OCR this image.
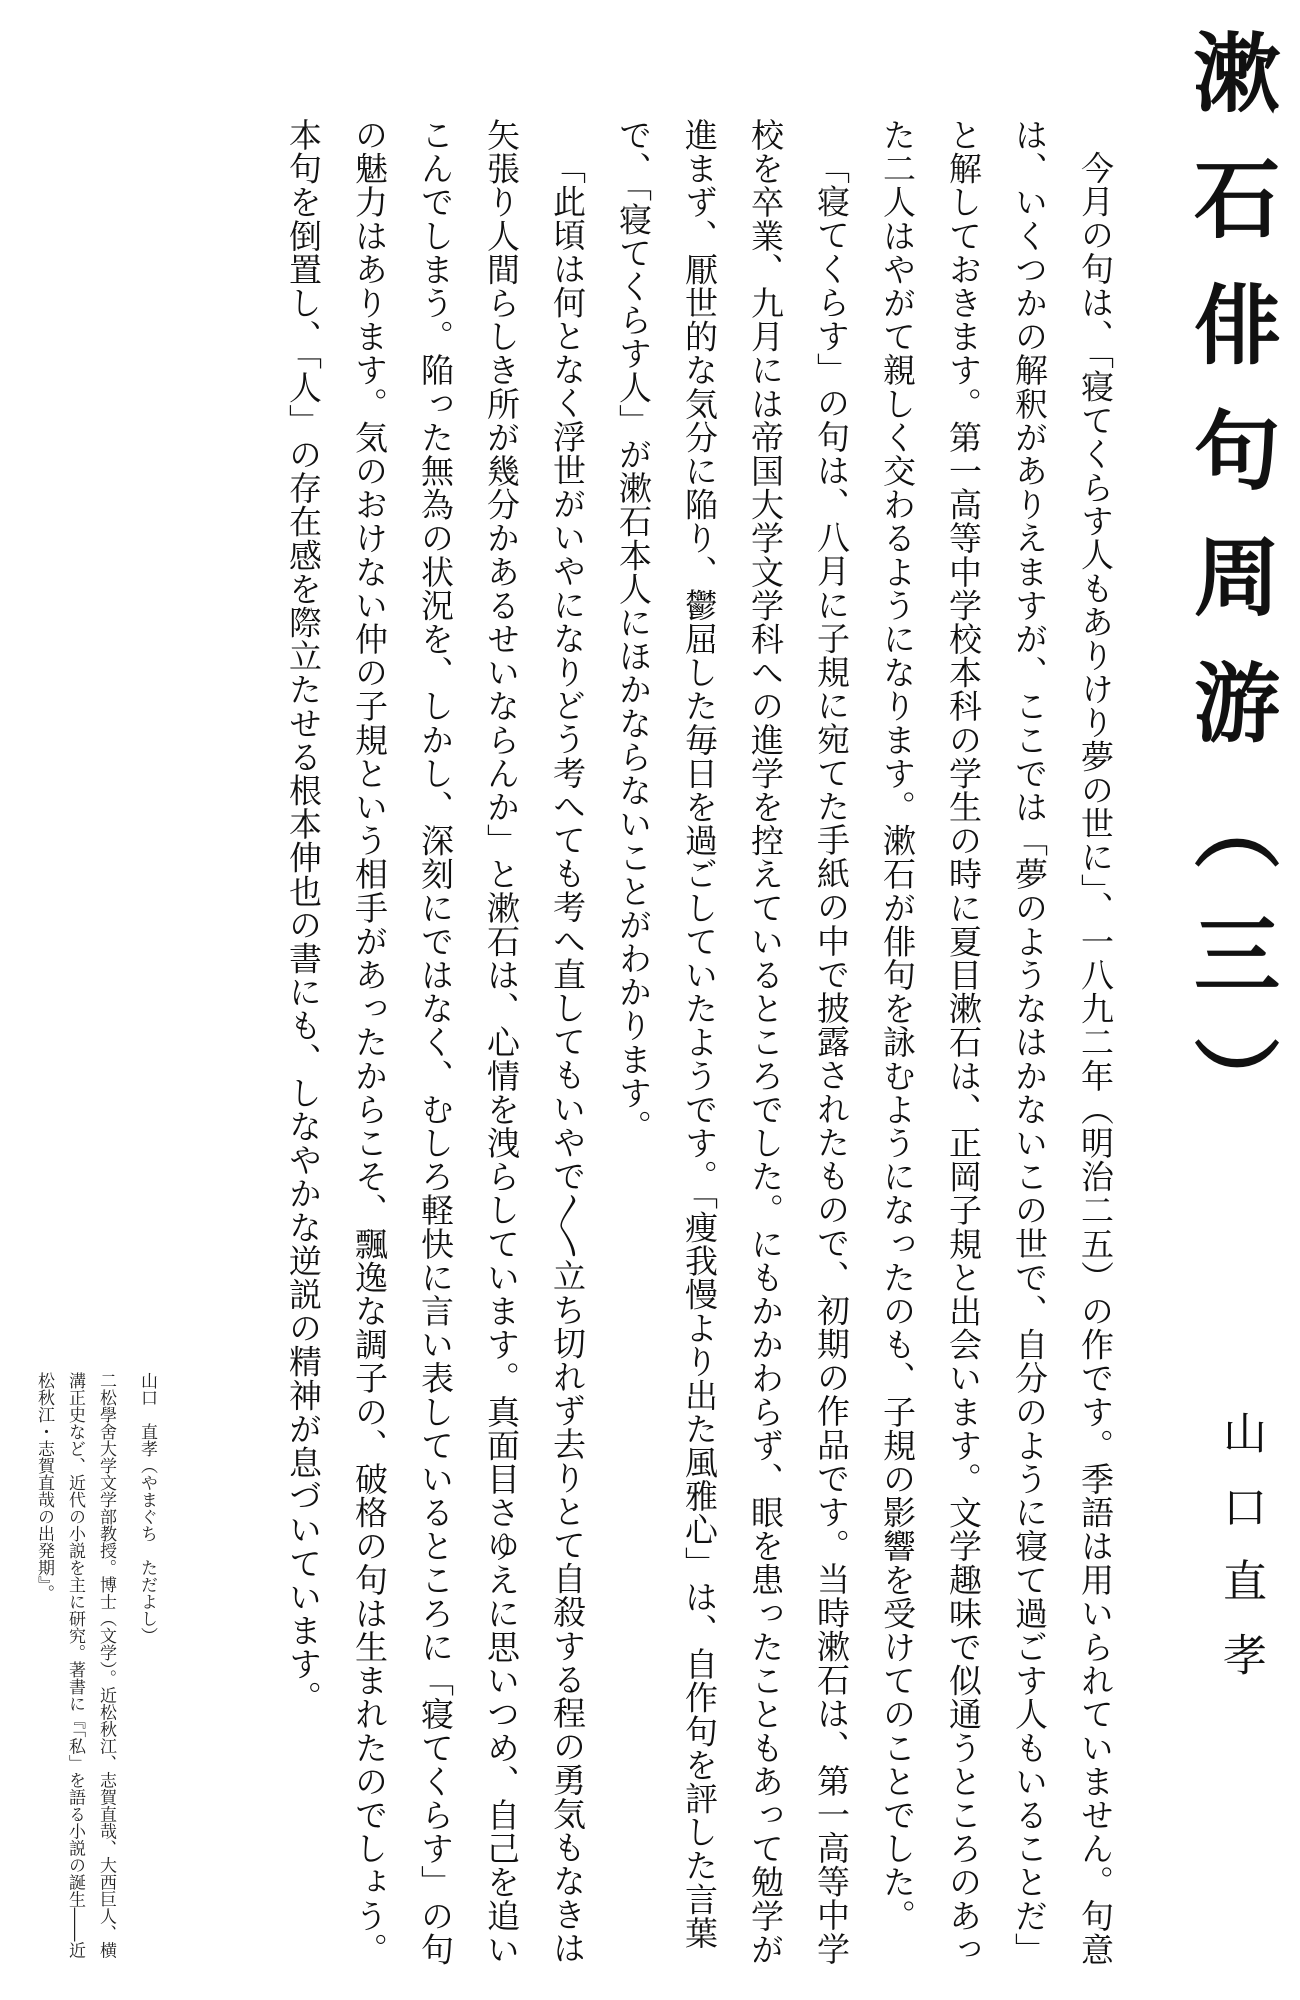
漱石俳句周游（三）
山口直孝

今月の句は、「寝てくらす人もありけり夢の世に」、一八九二年（明治二五）の作です。季語は用いられていません。句意は、いくつかの解釈がありえますが、ここでは「夢のようなはかないこの世で、自分のように寝て過ごす人もいることだ」と解しておきます。第一高等中学校本科の学生の時に夏目漱石は、正岡子規と出会います。文学趣味で似通うところのあった二人はやがて親しく交わるようになります。漱石が俳句を詠むようになったのも、子規の影響を受けてのことでした。

「寝てくらす」の句は、八月に子規に宛てた手紙の中で披露されたもので、初期の作品です。当時漱石は、第一高等中学校を卒業、九月には帝国大学文学科への進学を控えているところでした。にもかかわらず、眼を患ったこともあって勉学が進まず、厭世的な気分に陥り、鬱屈した毎日を過ごしていたようです。「痩我慢より出た風雅心」は、自作句を評した言葉で、「寝てくらす人」が漱石本人にほかならないことがわかります。

「此頃は何となく浮世がいやになりどう考へても考へ直してもいやで〳〵立ち切れず去りとて自殺する程の勇気もなきは矢張り人間らしき所が幾分かあるせいならんか」と漱石は、心情を洩らしています。真面目さゆえに思いつめ、自己を追いこんでしまう。陥った無為の状況を、しかし、深刻にではなく、むしろ軽快に言い表しているところに「寝てくらす」の句の魅力はあります。気のおけない仲の子規という相手があったからこそ、飄逸な調子の、破格の句は生まれたのでしょう。本句を倒置し、「人」の存在感を際立たせる根本伸也の書にも、しなやかな逆説の精神が息づいています。

山口　直孝（やまぐち　ただよし）

二松學舍大学文学部教授。博士（文学）。近松秋江、志賀直哉、大西巨人、横溝正史など、近代の小説を主に研究。著書に『「私」を語る小説の誕生――近松秋江・志賀直哉の出発期』。
